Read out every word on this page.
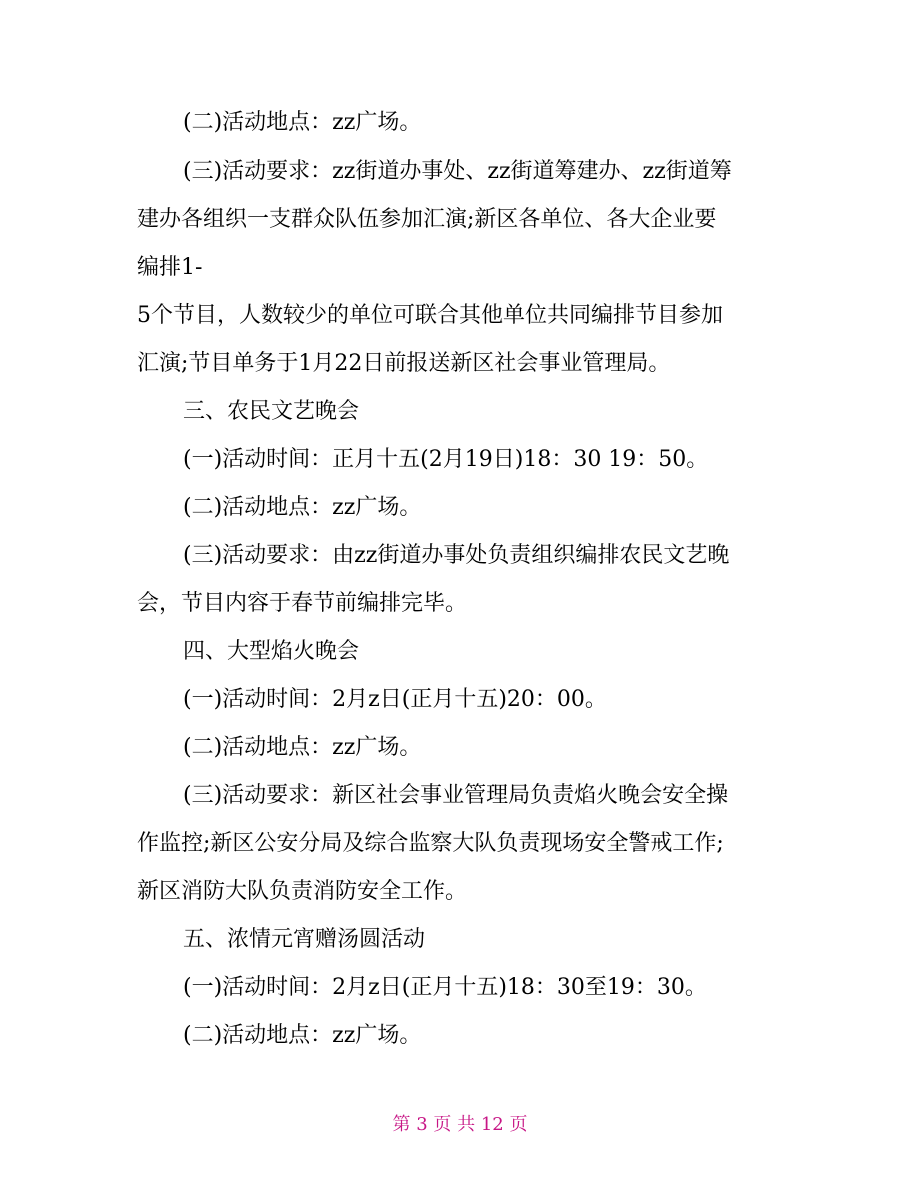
(二)活动地点：zz广场。
(三)活动要求：zz街道办事处、zz街道筹建办、zz街道筹
建办各组织一支群众队伍参加汇演;新区各单位、各大企业要
编排1-
5个节目，人数较少的单位可联合其他单位共同编排节目参加
汇演;节目单务于1月22日前报送新区社会事业管理局。
三、农民文艺晚会
(一)活动时间：正月十五(2月19日)18：30 19：50。
(二)活动地点：zz广场。
(三)活动要求：由zz街道办事处负责组织编排农民文艺晚
会，节目内容于春节前编排完毕。
四、大型焰火晚会
(一)活动时间：2月z日(正月十五)20：00。
(二)活动地点：zz广场。
(三)活动要求：新区社会事业管理局负责焰火晚会安全操
作监控;新区公安分局及综合监察大队负责现场安全警戒工作;
新区消防大队负责消防安全工作。
五、浓情元宵赠汤圆活动
(一)活动时间：2月z日(正月十五)18：30至19：30。
(二)活动地点：zz广场。
第 3 页 共 12 页
